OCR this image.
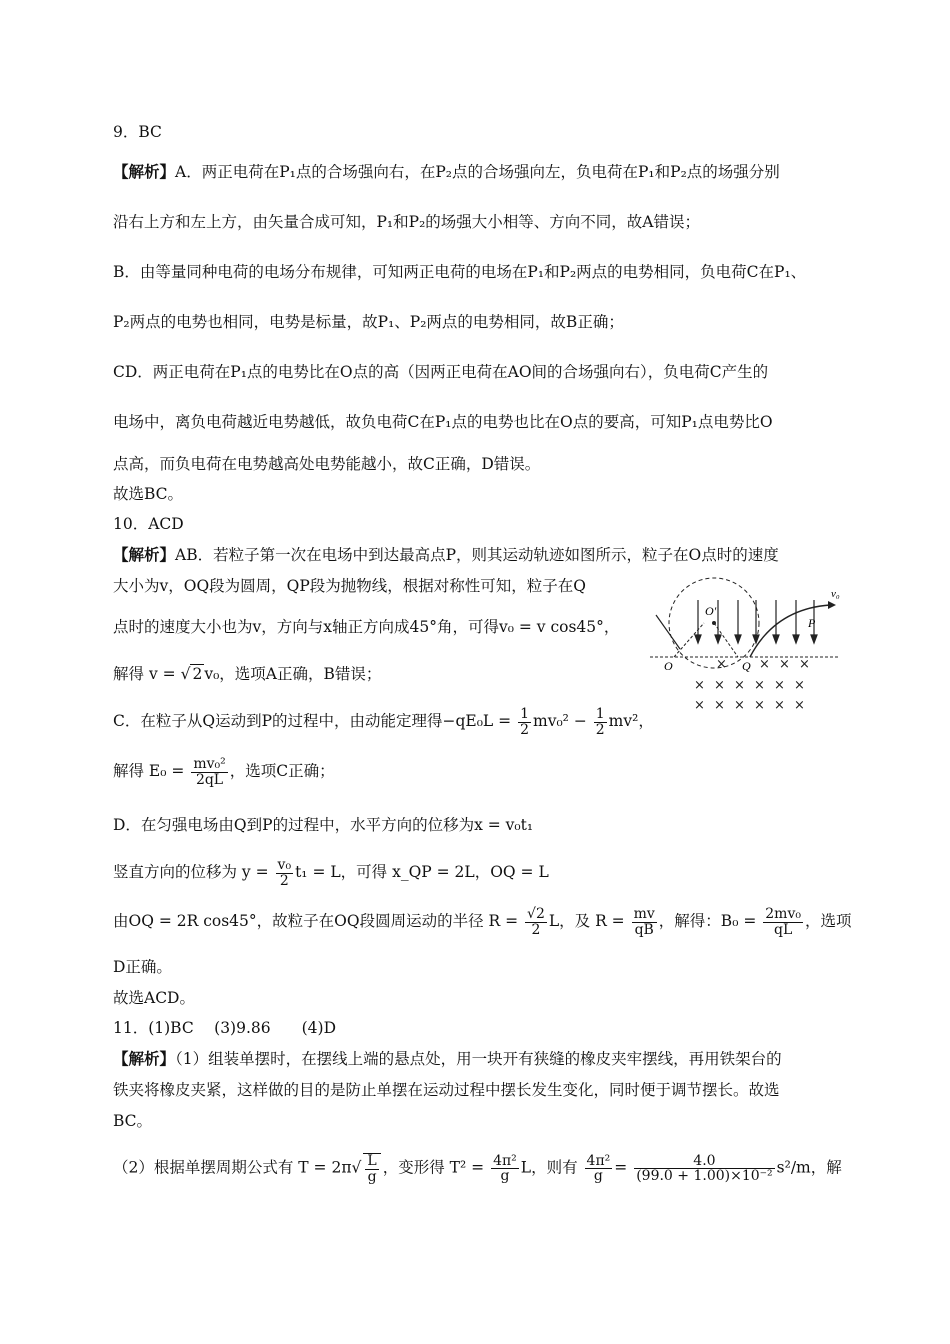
9．BC
【解析】A．两正电荷在P₁点的合场强向右，在P₂点的合场强向左，负电荷在P₁和P₂点的场强分别
沿右上方和左上方，由矢量合成可知，P₁和P₂的场强大小相等、方向不同，故A错误；
B．由等量同种电荷的电场分布规律，可知两正电荷的电场在P₁和P₂两点的电势相同，负电荷C在P₁、
P₂两点的电势也相同，电势是标量，故P₁、P₂两点的电势相同，故B正确；
CD．两正电荷在P₁点的电势比在O点的高（因两正电荷在AO间的合场强向右），负电荷C产生的
电场中，离负电荷越近电势越低，故负电荷C在P₁点的电势也比在O点的要高，可知P₁点电势比O
点高，而负电荷在电势越高处电势能越小，故C正确，D错误。
故选BC。
10．ACD
【解析】AB．若粒子第一次在电场中到达最高点P，则其运动轨迹如图所示，粒子在O点时的速度
大小为v，OQ段为圆周，QP段为抛物线，根据对称性可知，粒子在Q
点时的速度大小也为v，方向与x轴正方向成45°角，可得v₀ = v cos45°，
解得 v = √ 2 v₀，选项A正确，B错误；
C．在粒子从Q运动到P的过程中，由动能定理得$-qE_0L = \frac{1}{2} mv_0^2 - \frac{1}{2} mv^2$，
解得 $E_0 = \frac{\text{mv₀²}}{2qL}$ ，选项C正确；
D．在匀强电场由Q到P的过程中，水平方向的位移为x = v₀t₁
竖直方向的位移为 $y = \frac{\text{v₀}}{2} t_1 = L$，可得 x_QP = 2L，OQ = L
由OQ = 2R cos45°，故粒子在OQ段圆周运动的半径 $R = \frac{√2}{2}$ L，及 $R = \frac{mv}{qB}$ ，解得：$B_0 = \frac{\text{2mv₀}}{qL}$ ，选项
D正确。
故选ACD。
11．(1)BC　 (3)9.86　　(4)D
【解析】（1）组装单摆时，在摆线上端的悬点处，用一块开有狭缝的橡皮夹牢摆线，再用铁架台的
铁夹将橡皮夹紧，这样做的目的是防止单摆在运动过程中摆长发生变化，同时便于调节摆长。故选
BC。
（2）根据单摆周期公式有 $T = 2\pi√ \frac{L}{g}$ ，变形得 $T^2 = \frac{\text{4π²}}{g}$ L，则有 $\frac{\text{4π²}}{g} = \frac{4.0}{\text{(99.0 + 1.00)×10⁻²}} s^2/m$，解
v₀
O'
P
O	Q
× × × ×
× × × × × ×
× × × × × ×
